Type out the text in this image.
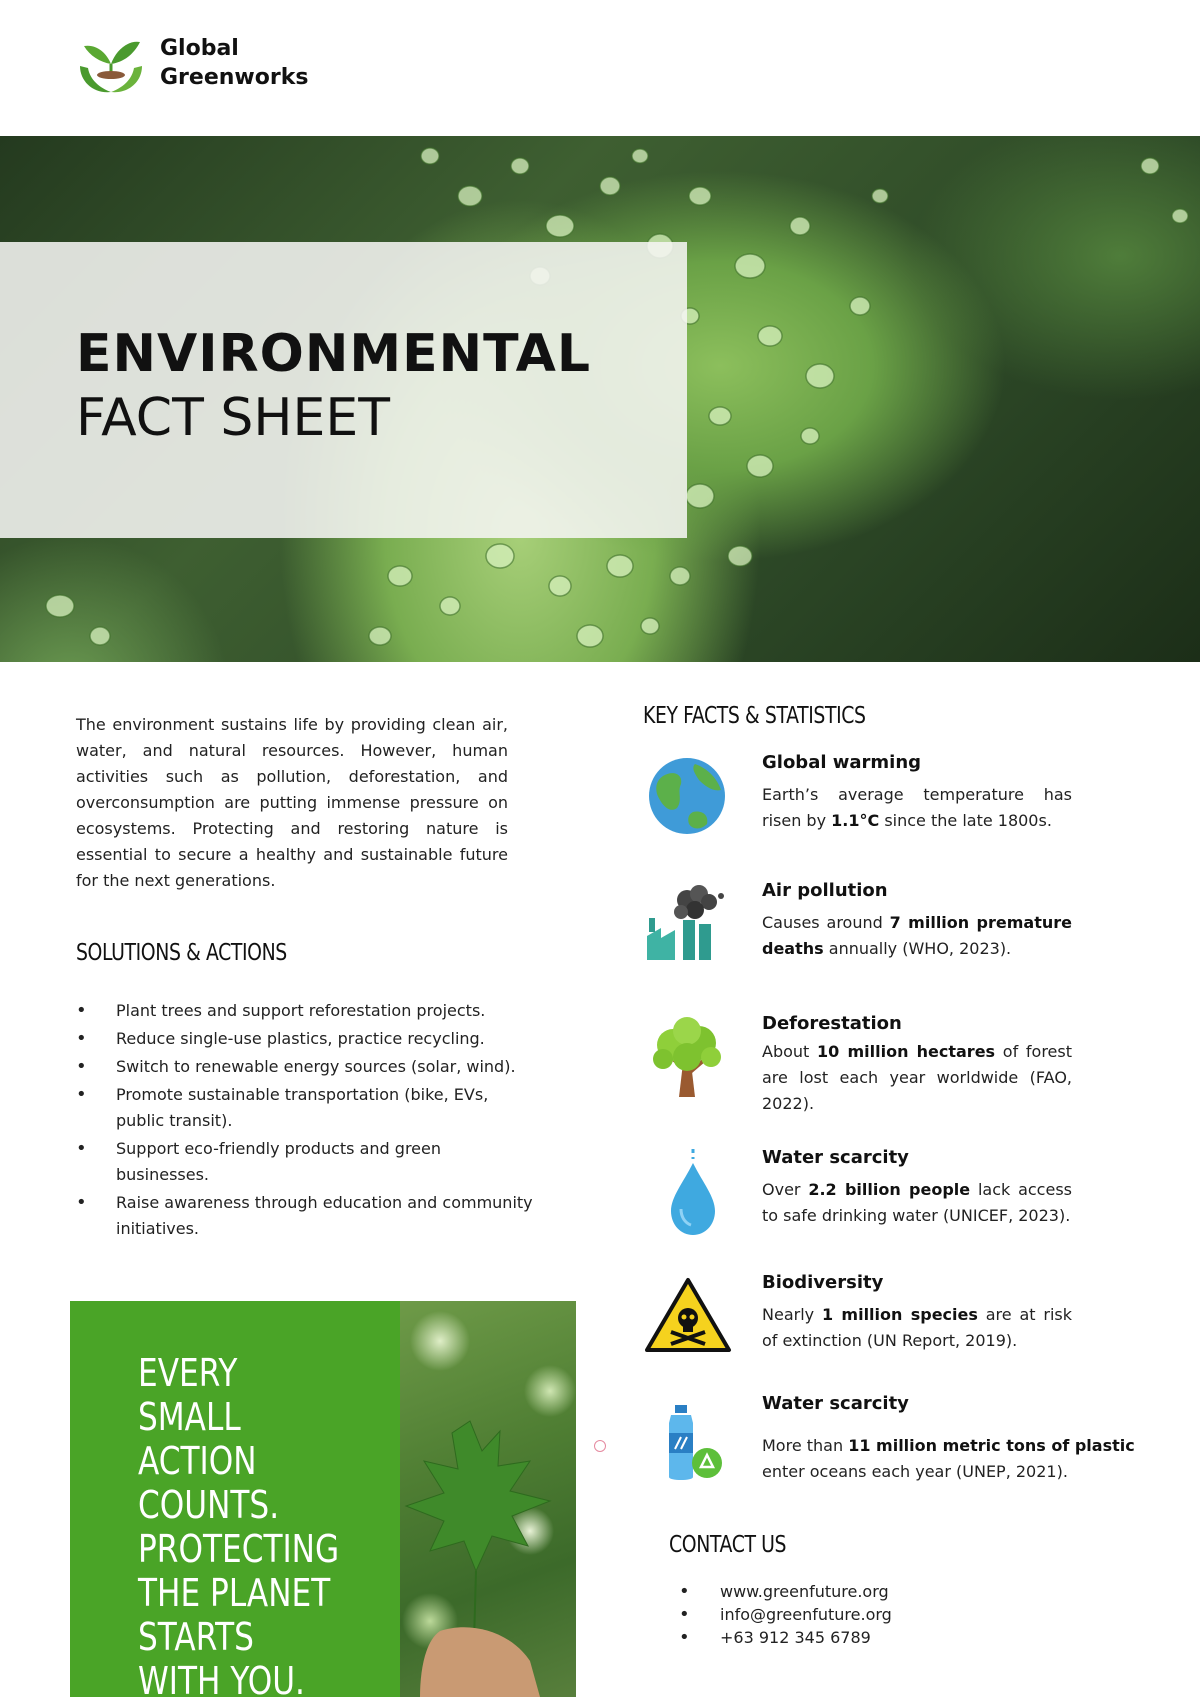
Global
Greenworks
ENVIRONMENTAL
FACT SHEET

The environment sustains life by providing clean air, water, and natural resources. However, human activities such as pollution, deforestation, and overconsumption are putting immense pressure on ecosystems. Protecting and restoring nature is essential to secure a healthy and sustainable future for the next generations.

SOLUTIONS & ACTIONS
• Plant trees and support reforestation projects.
• Reduce single-use plastics, practice recycling.
• Switch to renewable energy sources (solar, wind).
• Promote sustainable transportation (bike, EVs, public transit).
• Support eco-friendly products and green businesses.
• Raise awareness through education and community initiatives.
EVERY SMALL ACTION COUNTS. PROTECTING THE PLANET STARTS WITH YOU.
KEY FACTS & STATISTICS
Global warming
Earth’s average temperature has risen by 1.1°C since the late 1800s.
Air pollution
Causes around 7 million premature deaths annually (WHO, 2023).
Deforestation
About 10 million hectares of forest are lost each year worldwide (FAO, 2022).
Water scarcity
Over 2.2 billion people lack access to safe drinking water (UNICEF, 2023).
Biodiversity
Nearly 1 million species are at risk of extinction (UN Report, 2019).
Water scarcity
More than 11 million metric tons of plastic enter oceans each year (UNEP, 2021).
CONTACT US
• www.greenfuture.org
• info@greenfuture.org
• +63 912 345 6789
